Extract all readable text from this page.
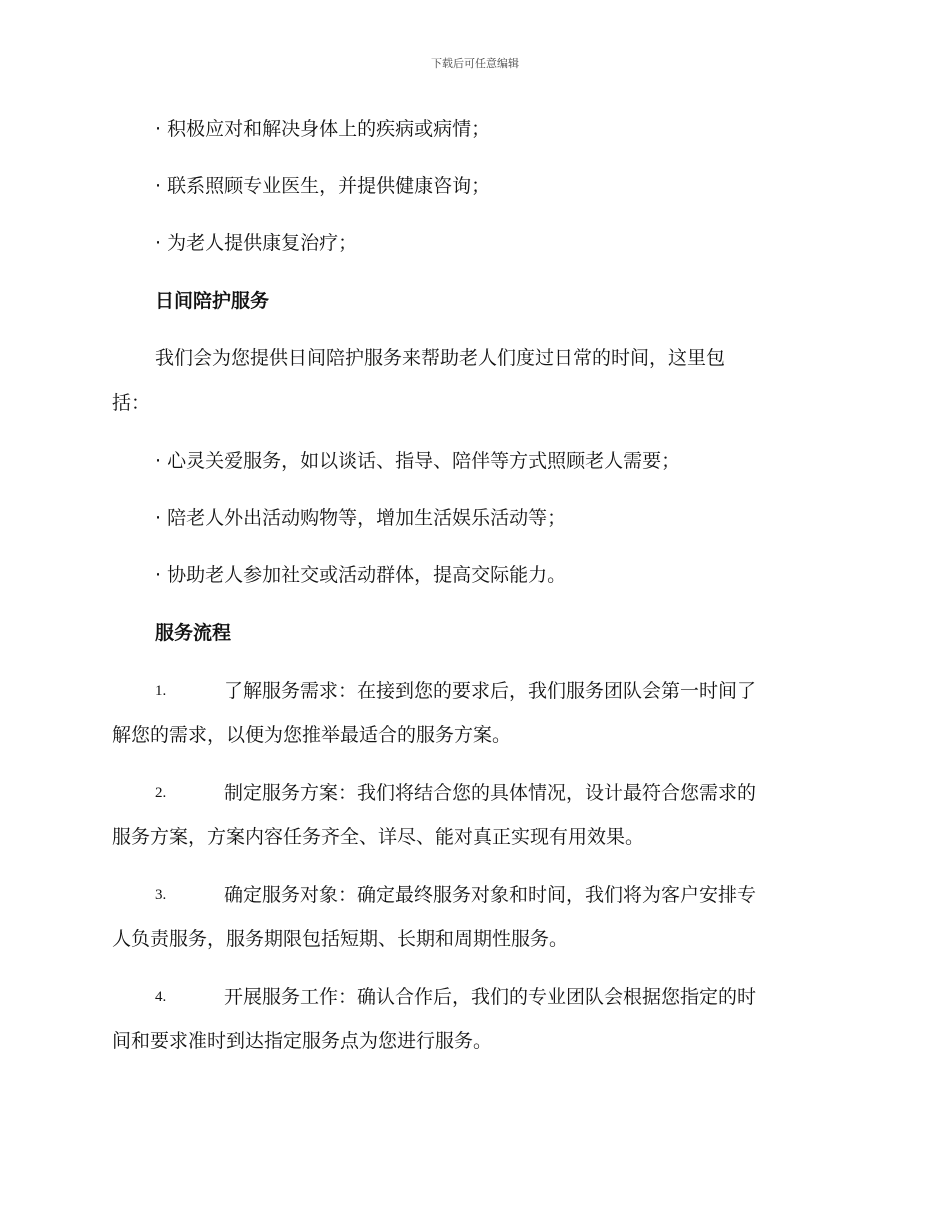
下载后可任意编辑
· 积极应对和解决身体上的疾病或病情；
· 联系照顾专业医生，并提供健康咨询；
· 为老人提供康复治疗；
日间陪护服务
我们会为您提供日间陪护服务来帮助老人们度过日常的时间，这里包
括：
· 心灵关爱服务，如以谈话、指导、陪伴等方式照顾老人需要；
· 陪老人外出活动购物等，增加生活娱乐活动等；
· 协助老人参加社交或活动群体，提高交际能力。
服务流程
1.	了解服务需求：在接到您的要求后，我们服务团队会第一时间了
解您的需求，以便为您推举最适合的服务方案。
2.	制定服务方案：我们将结合您的具体情况，设计最符合您需求的
服务方案，方案内容任务齐全、详尽、能对真正实现有用效果。
3.	确定服务对象：确定最终服务对象和时间，我们将为客户安排专
人负责服务，服务期限包括短期、长期和周期性服务。
4.	开展服务工作：确认合作后，我们的专业团队会根据您指定的时
间和要求准时到达指定服务点为您进行服务。
